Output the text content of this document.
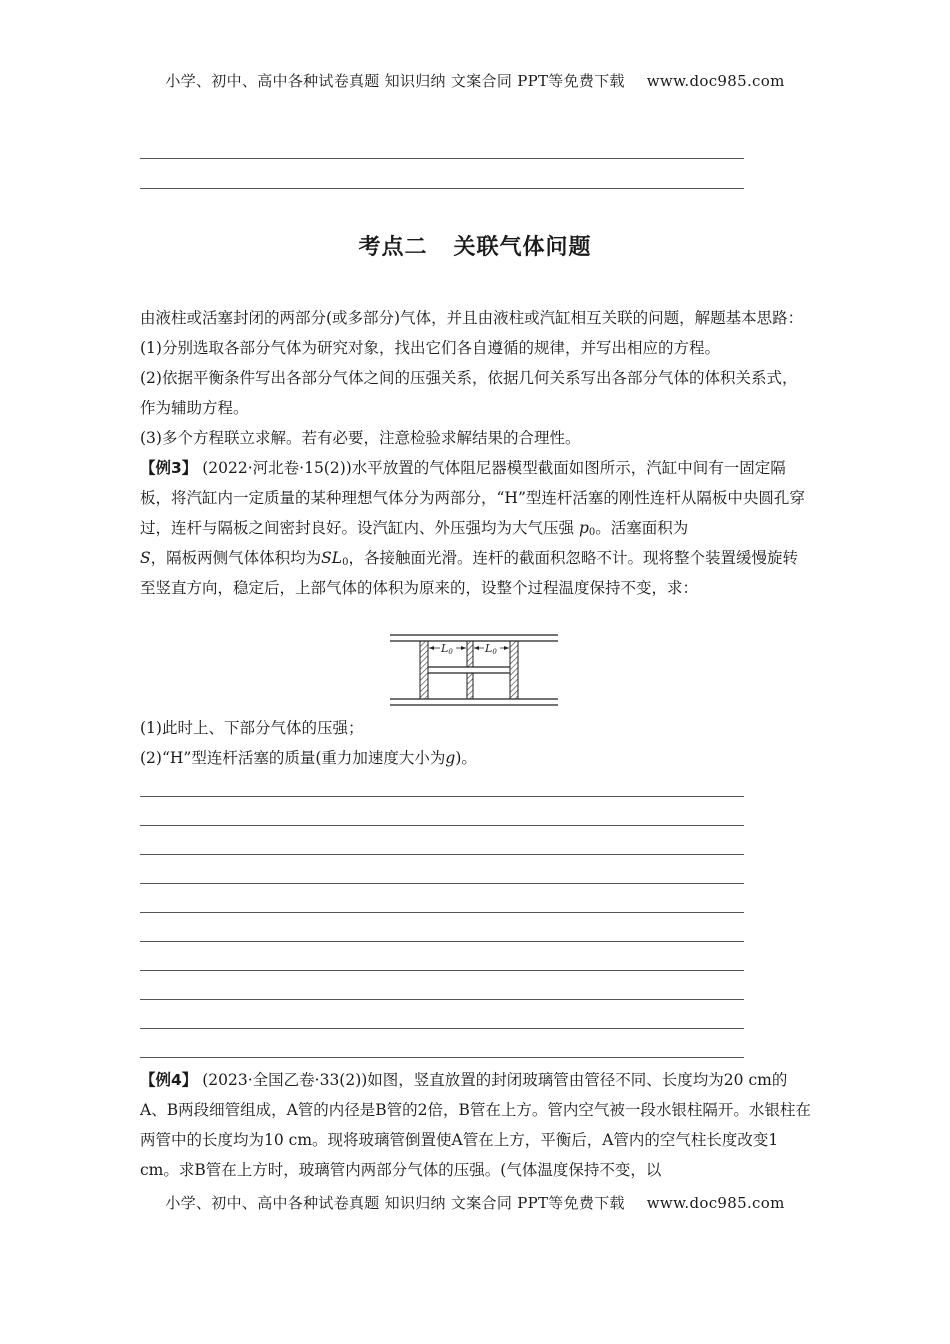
小学、初中、高中各种试卷真题 知识归纳 文案合同 PPT等免费下载 www.doc985.com
考点二 关联气体问题

由液柱或活塞封闭的两部分(或多部分)气体，并且由液柱或汽缸相互关联的问题，解题基本思路：

(1)分别选取各部分气体为研究对象，找出它们各自遵循的规律，并写出相应的方程。

(2)依据平衡条件写出各部分气体之间的压强关系，依据几何关系写出各部分气体的体积关系式，作为辅助方程。

(3)多个方程联立求解。若有必要，注意检验求解结果的合理性。

【例3】 (2022·河北卷·15(2))水平放置的气体阻尼器模型截面如图所示，汽缸中间有一固定隔板，将汽缸内一定质量的某种理想气体分为两部分，“H”型连杆活塞的刚性连杆从隔板中央圆孔穿过，连杆与隔板之间密封良好。设汽缸内、外压强均为大气压强 $p_0$。活塞面积为
S，隔板两侧气体体积均为$SL_0$，各接触面光滑。连杆的截面积忽略不计。现将整个装置缓慢旋转至竖直方向，稳定后，上部气体的体积为原来的，设整个过程温度保持不变，求：

L0	L0

(1)此时上、下部分气体的压强；

(2)“H”型连杆活塞的质量(重力加速度大小为g)。

【例4】 (2023·全国乙卷·33(2))如图，竖直放置的封闭玻璃管由管径不同、长度均为20 cm的A、B两段细管组成，A管的内径是B管的2倍，B管在上方。管内空气被一段水银柱隔开。水银柱在两管中的长度均为10 cm。现将玻璃管倒置使A管在上方，平衡后，A管内的空气柱长度改变1 cm。求B管在上方时，玻璃管内两部分气体的压强。(气体温度保持不变，以

小学、初中、高中各种试卷真题 知识归纳 文案合同 PPT等免费下载 www.doc985.com
